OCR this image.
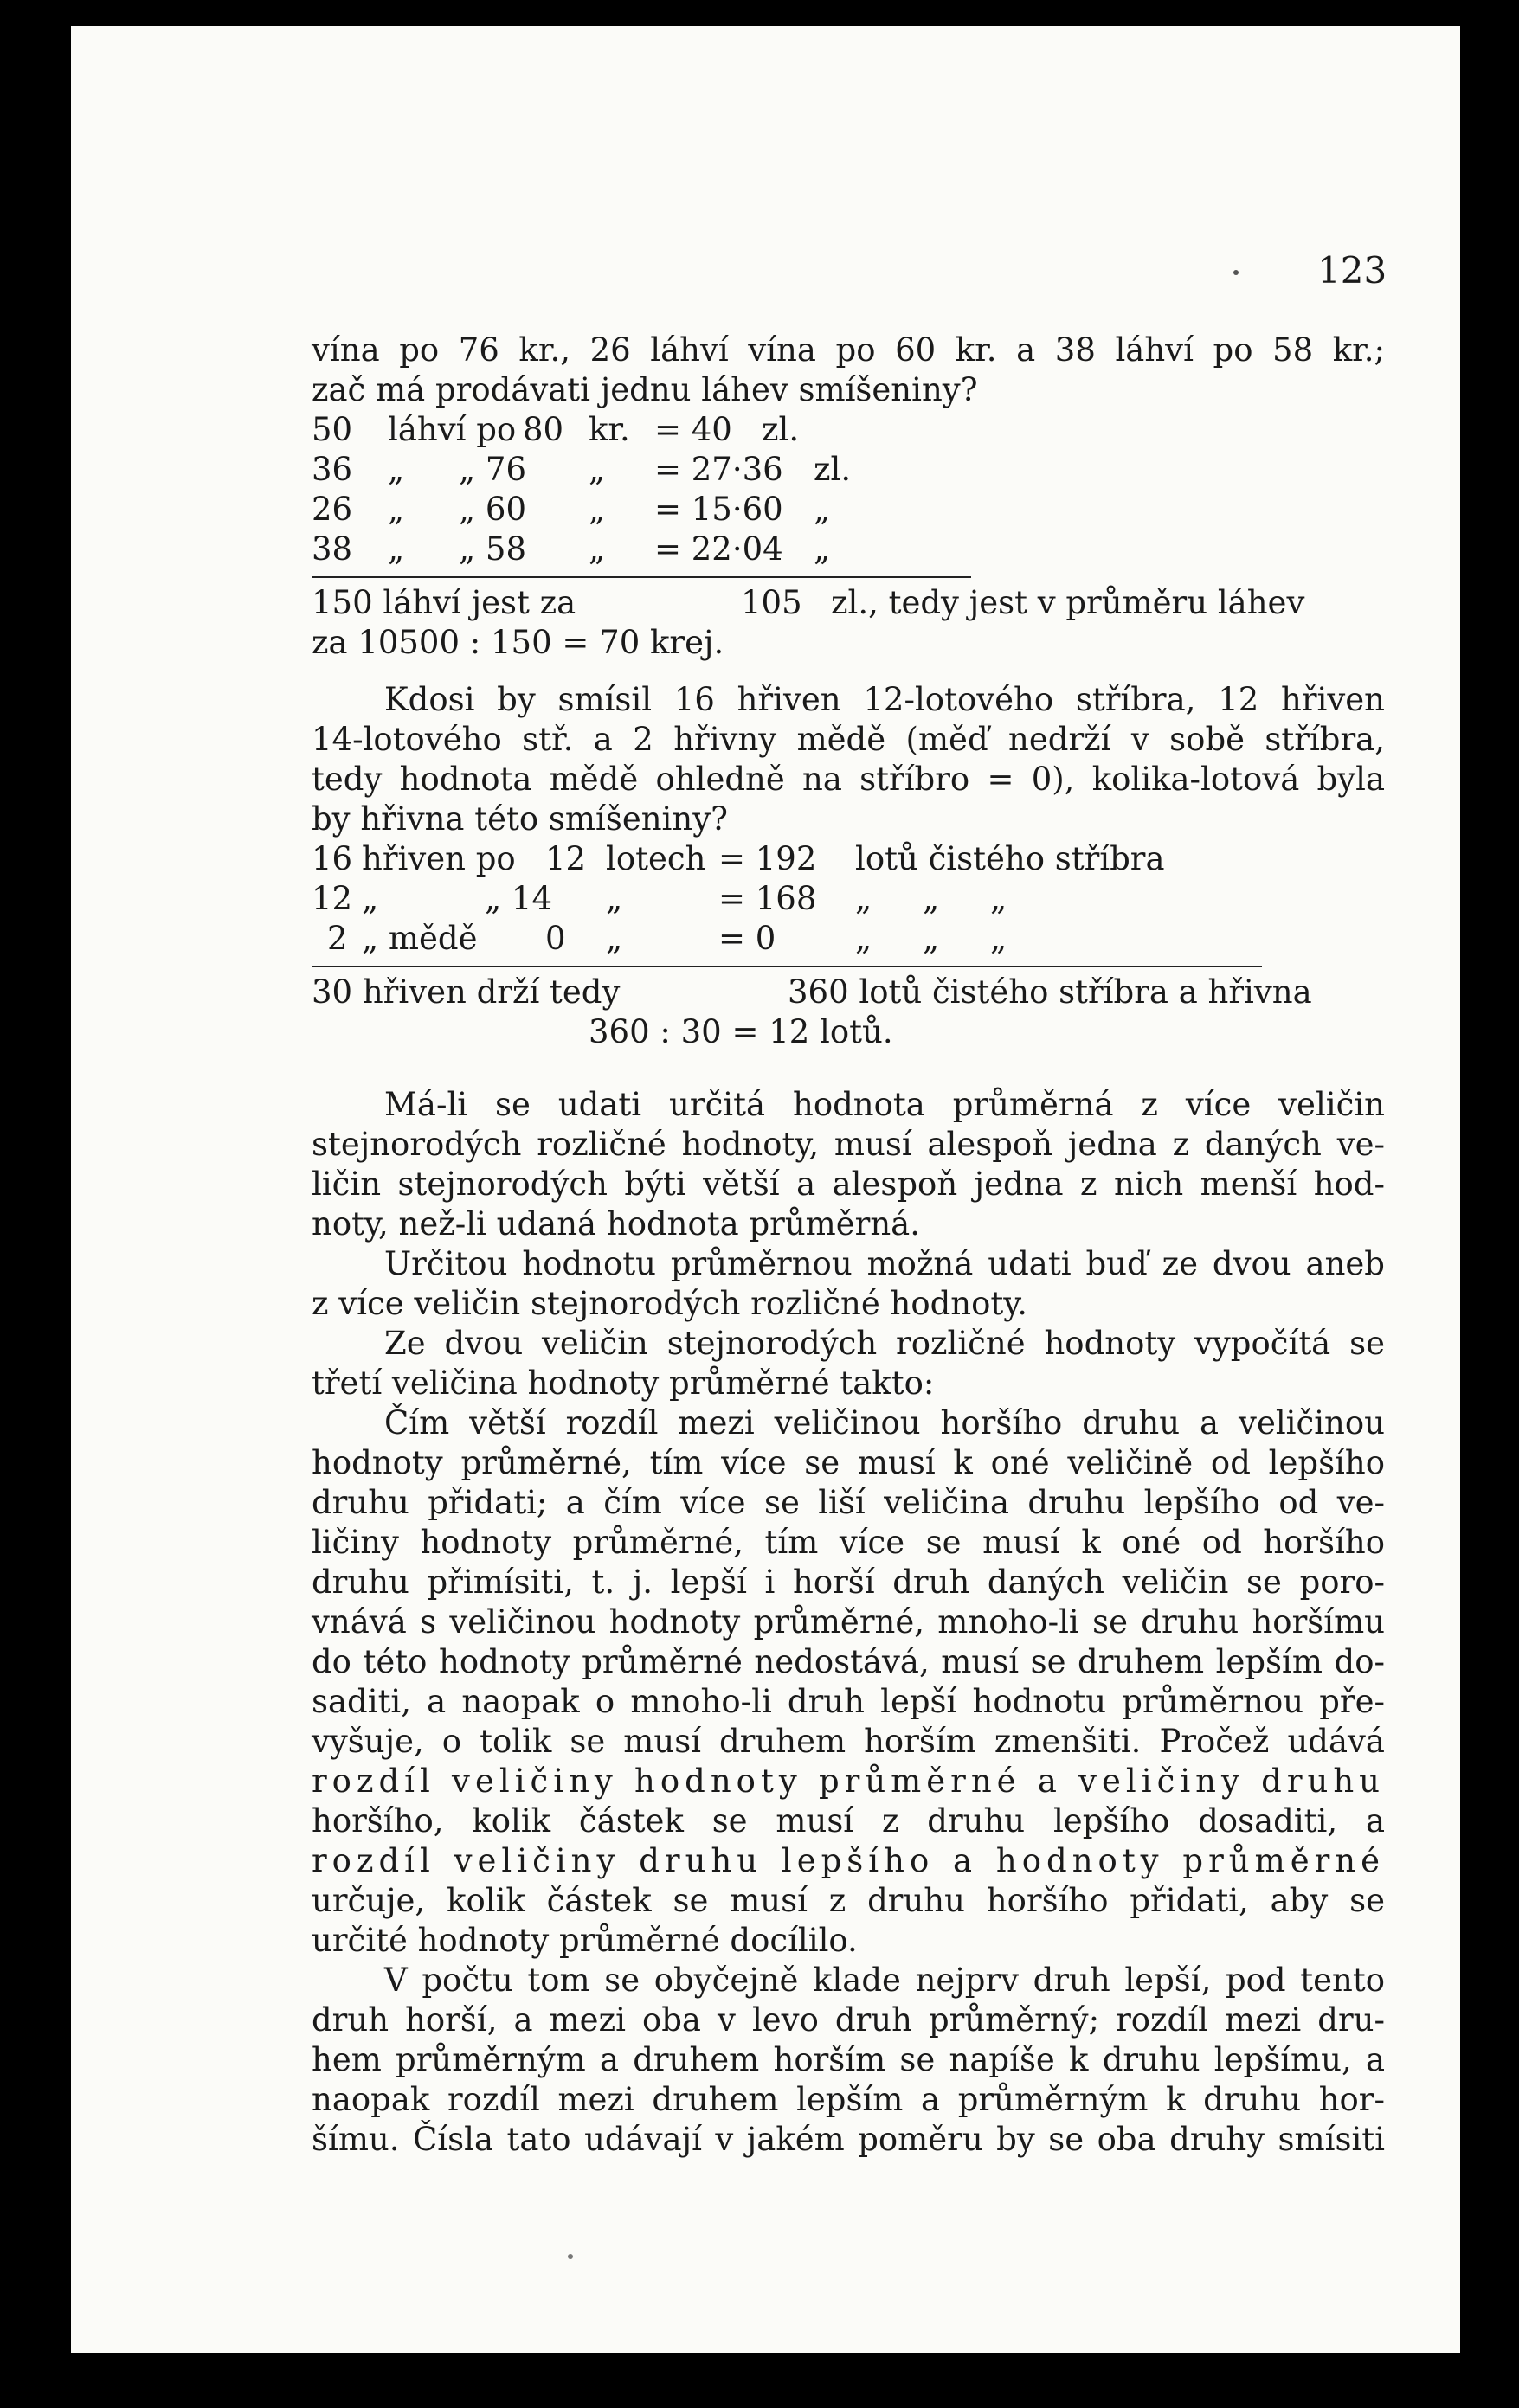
123
vína po 76 kr., 26 láhví vína po 60 kr. a 38 láhví po 58 kr.;
zač má prodávati jednu láhev smíšeniny?
50 láhví po 80 kr. = 40 zl.
36 „ „ 76 „ = 27·36 zl.
26 „ „ 60 „ = 15·60 „
38 „ „ 58 „ = 22·04 „
150 láhví jest za	105 zl., tedy jest v průměru láhev
za 10500 : 150 = 70 krej.
Kdosi by smísil 16 hřiven 12-lotového stříbra, 12 hřiven
14-lotového stř. a 2 hřivny mědě (měď nedrží v sobě stříbra,
tedy hodnota mědě ohledně na stříbro = 0), kolika-lotová byla
by hřivna této smíšeniny?
16 hřiven po 12 lotech = 192 lotů čistého stříbra
12 „	„ 14 „	= 168 „     „     „
2 „ mědě 0 „	= 0 „     „     „
30 hřiven drží tedy	360 lotů čistého stříbra a hřivna
360 : 30 = 12 lotů.
Má-li se udati určitá hodnota průměrná z více veličin
stejnorodých rozličné hodnoty, musí alespoň jedna z daných ve-
ličin stejnorodých býti větší a alespoň jedna z nich menší hod-
noty, než-li udaná hodnota průměrná.
Určitou hodnotu průměrnou možná udati buď ze dvou aneb
z více veličin stejnorodých rozličné hodnoty.
Ze dvou veličin stejnorodých rozličné hodnoty vypočítá se
třetí veličina hodnoty průměrné takto:
Čím větší rozdíl mezi veličinou horšího druhu a veličinou
hodnoty průměrné, tím více se musí k oné veličině od lepšího
druhu přidati; a čím více se liší veličina druhu lepšího od ve-
ličiny hodnoty průměrné, tím více se musí k oné od horšího
druhu přimísiti, t. j. lepší i horší druh daných veličin se poro-
vnává s veličinou hodnoty průměrné, mnoho-li se druhu horšímu
do této hodnoty průměrné nedostává, musí se druhem lepším do-
saditi, a naopak o mnoho-li druh lepší hodnotu průměrnou pře-
vyšuje, o tolik se musí druhem horším zmenšiti. Pročež udává
rozdíl veličiny hodnoty průměrné a veličiny druhu
horšího, kolik částek se musí z druhu lepšího dosaditi, a
rozdíl veličiny druhu lepšího a hodnoty průměrné
určuje, kolik částek se musí z druhu horšího přidati, aby se
určité hodnoty průměrné docílilo.
V počtu tom se obyčejně klade nejprv druh lepší, pod tento
druh horší, a mezi oba v levo druh průměrný; rozdíl mezi dru-
hem průměrným a druhem horším se napíše k druhu lepšímu, a
naopak rozdíl mezi druhem lepším a průměrným k druhu hor-
šímu. Čísla tato udávají v jakém poměru by se oba druhy smísiti
